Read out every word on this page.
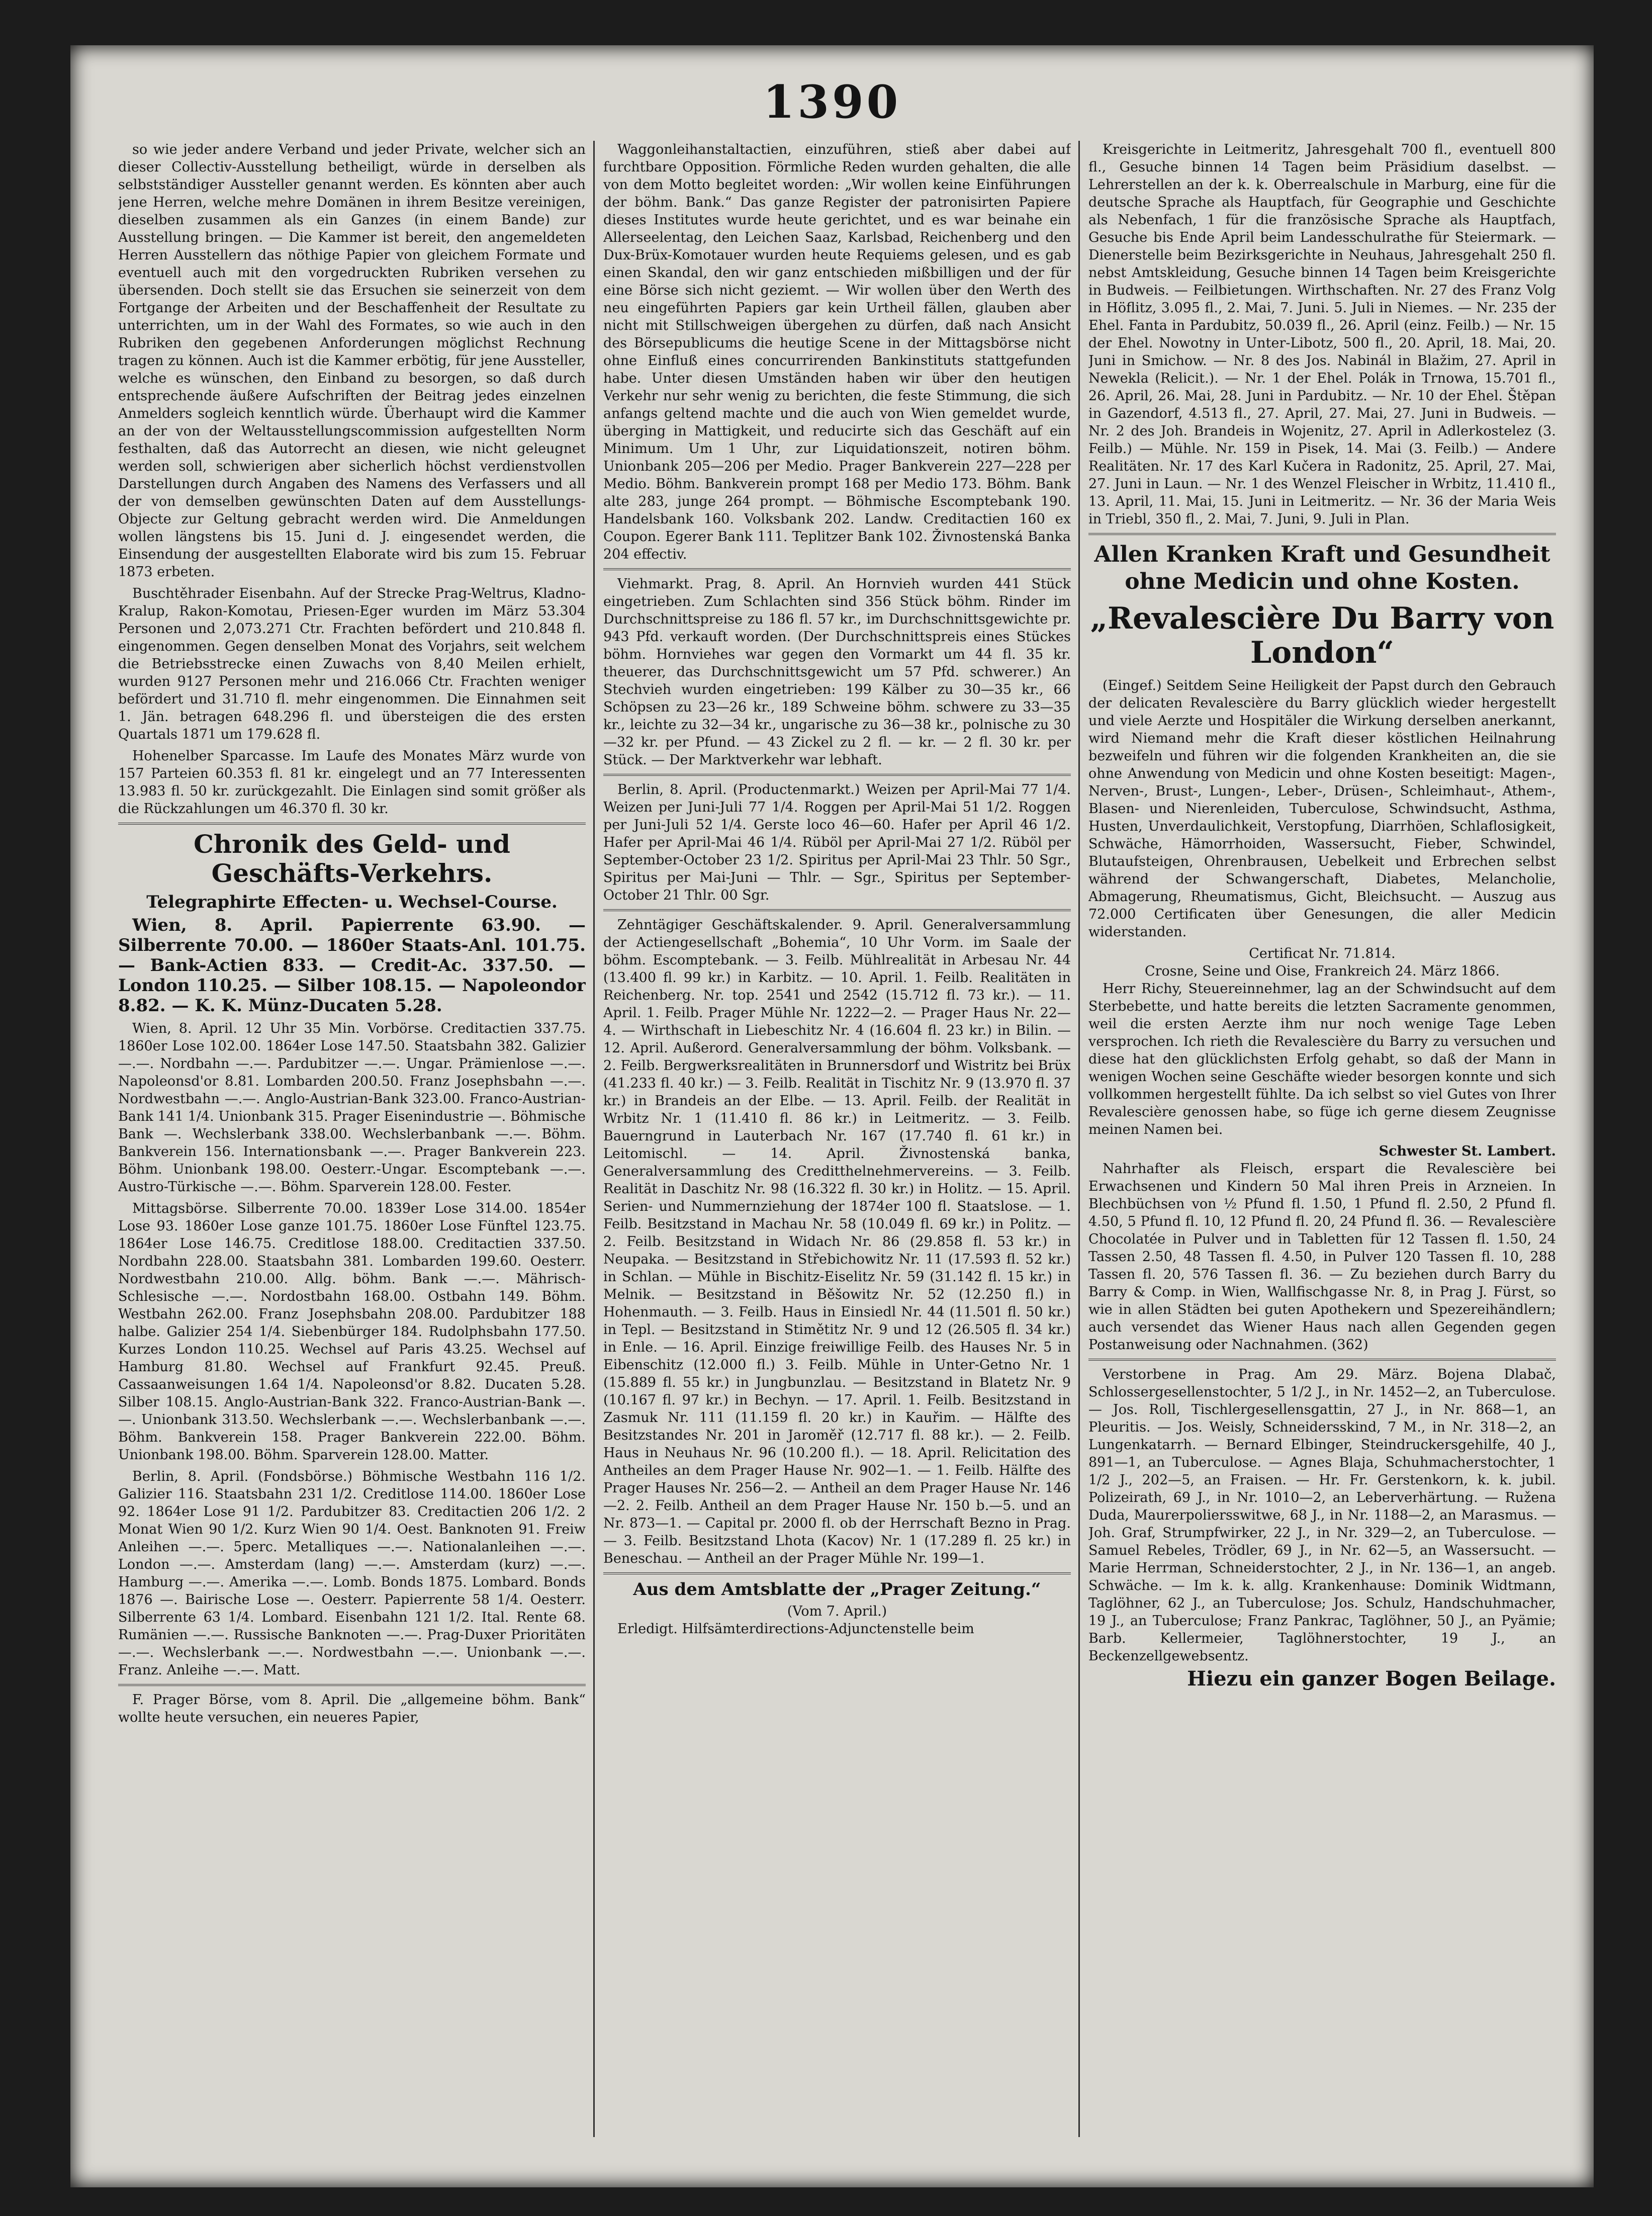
1390

so wie jeder andere Verband und jeder Private, welcher sich an dieser Collectiv-Ausstellung betheiligt, würde in derselben als selbstständiger Aussteller genannt werden. Es könnten aber auch jene Herren, welche mehre Domänen in ihrem Besitze vereinigen, dieselben zusammen als ein Ganzes (in einem Bande) zur Ausstellung bringen. — Die Kammer ist bereit, den angemeldeten Herren Ausstellern das nöthige Papier von gleichem Formate und eventuell auch mit den vorgedruckten Rubriken versehen zu übersenden. Doch stellt sie das Ersuchen sie seinerzeit von dem Fortgange der Arbeiten und der Beschaffenheit der Resultate zu unterrichten, um in der Wahl des Formates, so wie auch in den Rubriken den gegebenen Anforderungen möglichst Rechnung tragen zu können. Auch ist die Kammer erbötig, für jene Aussteller, welche es wünschen, den Einband zu besorgen, so daß durch entsprechende äußere Aufschriften der Beitrag jedes einzelnen Anmelders sogleich kenntlich würde. Überhaupt wird die Kammer an der von der Weltausstellungscommission aufgestellten Norm festhalten, daß das Autorrecht an diesen, wie nicht geleugnet werden soll, schwierigen aber sicherlich höchst verdienstvollen Darstellungen durch Angaben des Namens des Verfassers und all der von demselben gewünschten Daten auf dem Ausstellungs-Objecte zur Geltung gebracht werden wird. Die Anmeldungen wollen längstens bis 15. Juni d. J. eingesendet werden, die Einsendung der ausgestellten Elaborate wird bis zum 15. Februar 1873 erbeten.

Buschtěhrader Eisenbahn. Auf der Strecke Prag-Weltrus, Kladno-Kralup, Rakon-Komotau, Priesen-Eger wurden im März 53.304 Personen und 2,073.271 Ctr. Frachten befördert und 210.848 fl. eingenommen. Gegen denselben Monat des Vorjahrs, seit welchem die Betriebsstrecke einen Zuwachs von 8,40 Meilen erhielt, wurden 9127 Personen mehr und 216.066 Ctr. Frachten weniger befördert und 31.710 fl. mehr eingenommen. Die Einnahmen seit 1. Jän. betragen 648.296 fl. und übersteigen die des ersten Quartals 1871 um 179.628 fl.

Hohenelber Sparcasse. Im Laufe des Monates März wurde von 157 Parteien 60.353 fl. 81 kr. eingelegt und an 77 Interessenten 13.983 fl. 50 kr. zurückgezahlt. Die Einlagen sind somit größer als die Rückzahlungen um 46.370 fl. 30 kr.

Chronik des Geld- und Geschäfts-Verkehrs.
Telegraphirte Effecten- u. Wechsel-Course.

Wien, 8. April. Papierrente 63.90. — Silberrente 70.00. — 1860er Staats-Anl. 101.75. — Bank-Actien 833. — Credit-Ac. 337.50. — London 110.25. — Silber 108.15. — Napoleondor 8.82. — K. K. Münz-Ducaten 5.28.

Wien, 8. April. 12 Uhr 35 Min. Vorbörse. Creditactien 337.75. 1860er Lose 102.00. 1864er Lose 147.50. Staatsbahn 382. Galizier —.—. Nordbahn —.—. Pardubitzer —.—. Ungar. Prämienlose —.—. Napoleonsd'or 8.81. Lombarden 200.50. Franz Josephsbahn —.—. Nordwestbahn —.—. Anglo-Austrian-Bank 323.00. Franco-Austrian-Bank 141 1/4. Unionbank 315. Prager Eisenindustrie —. Böhmische Bank —. Wechslerbank 338.00. Wechslerbanbank —.—. Böhm. Bankverein 156. Internationsbank —.—. Prager Bankverein 223. Böhm. Unionbank 198.00. Oesterr.-Ungar. Escomptebank —.—. Austro-Türkische —.—. Böhm. Sparverein 128.00. Fester.

Mittagsbörse. Silberrente 70.00. 1839er Lose 314.00. 1854er Lose 93. 1860er Lose ganze 101.75. 1860er Lose Fünftel 123.75. 1864er Lose 146.75. Creditlose 188.00. Creditactien 337.50. Nordbahn 228.00. Staatsbahn 381. Lombarden 199.60. Oesterr. Nordwestbahn 210.00. Allg. böhm. Bank —.—. Mährisch-Schlesische —.—. Nordostbahn 168.00. Ostbahn 149. Böhm. Westbahn 262.00. Franz Josephsbahn 208.00. Pardubitzer 188 halbe. Galizier 254 1/4. Siebenbürger 184. Rudolphsbahn 177.50. Kurzes London 110.25. Wechsel auf Paris 43.25. Wechsel auf Hamburg 81.80. Wechsel auf Frankfurt 92.45. Preuß. Cassaanweisungen 1.64 1/4. Napoleonsd'or 8.82. Ducaten 5.28. Silber 108.15. Anglo-Austrian-Bank 322. Franco-Austrian-Bank —.—. Unionbank 313.50. Wechslerbank —.—. Wechslerbanbank —.—. Böhm. Bankverein 158. Prager Bankverein 222.00. Böhm. Unionbank 198.00. Böhm. Sparverein 128.00. Matter.

Berlin, 8. April. (Fondsbörse.) Böhmische Westbahn 116 1/2. Galizier 116. Staatsbahn 231 1/2. Creditlose 114.00. 1860er Lose 92. 1864er Lose 91 1/2. Pardubitzer 83. Creditactien 206 1/2. 2 Monat Wien 90 1/2. Kurz Wien 90 1/4. Oest. Banknoten 91. Freiw Anleihen —.—. 5perc. Metalliques —.—. Nationalanleihen —.—. London —.—. Amsterdam (lang) —.—. Amsterdam (kurz) —.—. Hamburg —.—. Amerika —.—. Lomb. Bonds 1875. Lombard. Bonds 1876 —. Bairische Lose —. Oesterr. Papierrente 58 1/4. Oesterr. Silberrente 63 1/4. Lombard. Eisenbahn 121 1/2. Ital. Rente 68. Rumänien —.—. Russische Banknoten —.—. Prag-Duxer Prioritäten —.—. Wechslerbank —.—. Nordwestbahn —.—. Unionbank —.—. Franz. Anleihe —.—. Matt.

F. Prager Börse, vom 8. April. Die „allgemeine böhm. Bank“ wollte heute versuchen, ein neueres Papier,

Waggonleihanstaltactien, einzuführen, stieß aber dabei auf furchtbare Opposition. Förmliche Reden wurden gehalten, die alle von dem Motto begleitet worden: „Wir wollen keine Einführungen der böhm. Bank.“ Das ganze Register der patronisirten Papiere dieses Institutes wurde heute gerichtet, und es war beinahe ein Allerseelentag, den Leichen Saaz, Karlsbad, Reichenberg und den Dux-Brüx-Komotauer wurden heute Requiems gelesen, und es gab einen Skandal, den wir ganz entschieden mißbilligen und der für eine Börse sich nicht geziemt. — Wir wollen über den Werth des neu eingeführten Papiers gar kein Urtheil fällen, glauben aber nicht mit Stillschweigen übergehen zu dürfen, daß nach Ansicht des Börsepublicums die heutige Scene in der Mittagsbörse nicht ohne Einfluß eines concurrirenden Bankinstituts stattgefunden habe. Unter diesen Umständen haben wir über den heutigen Verkehr nur sehr wenig zu berichten, die feste Stimmung, die sich anfangs geltend machte und die auch von Wien gemeldet wurde, überging in Mattigkeit, und reducirte sich das Geschäft auf ein Minimum. Um 1 Uhr, zur Liquidationszeit, notiren böhm. Unionbank 205—206 per Medio. Prager Bankverein 227—228 per Medio. Böhm. Bankverein prompt 168 per Medio 173. Böhm. Bank alte 283, junge 264 prompt. — Böhmische Escomptebank 190. Handelsbank 160. Volksbank 202. Landw. Creditactien 160 ex Coupon. Egerer Bank 111. Teplitzer Bank 102. Živnostenská Banka 204 effectiv.

Viehmarkt. Prag, 8. April. An Hornvieh wurden 441 Stück eingetrieben. Zum Schlachten sind 356 Stück böhm. Rinder im Durchschnittspreise zu 186 fl. 57 kr., im Durchschnittsgewichte pr. 943 Pfd. verkauft worden. (Der Durchschnittspreis eines Stückes böhm. Hornviehes war gegen den Vormarkt um 44 fl. 35 kr. theuerer, das Durchschnittsgewicht um 57 Pfd. schwerer.) An Stechvieh wurden eingetrieben: 199 Kälber zu 30—35 kr., 66 Schöpsen zu 23—26 kr., 189 Schweine böhm. schwere zu 33—35 kr., leichte zu 32—34 kr., ungarische zu 36—38 kr., polnische zu 30—32 kr. per Pfund. — 43 Zickel zu 2 fl. — kr. — 2 fl. 30 kr. per Stück. — Der Marktverkehr war lebhaft.

Berlin, 8. April. (Productenmarkt.) Weizen per April-Mai 77 1/4. Weizen per Juni-Juli 77 1/4. Roggen per April-Mai 51 1/2. Roggen per Juni-Juli 52 1/4. Gerste loco 46—60. Hafer per April 46 1/2. Hafer per April-Mai 46 1/4. Rüböl per April-Mai 27 1/2. Rüböl per September-October 23 1/2. Spiritus per April-Mai 23 Thlr. 50 Sgr., Spiritus per Mai-Juni — Thlr. — Sgr., Spiritus per September-October 21 Thlr. 00 Sgr.

Zehntägiger Geschäftskalender. 9. April. Generalversammlung der Actiengesellschaft „Bohemia“, 10 Uhr Vorm. im Saale der böhm. Escomptebank. — 3. Feilb. Mühlrealität in Arbesau Nr. 44 (13.400 fl. 99 kr.) in Karbitz. — 10. April. 1. Feilb. Realitäten in Reichenberg. Nr. top. 2541 und 2542 (15.712 fl. 73 kr.). — 11. April. 1. Feilb. Prager Mühle Nr. 1222—2. — Prager Haus Nr. 22—4. — Wirthschaft in Liebeschitz Nr. 4 (16.604 fl. 23 kr.) in Bilin. — 12. April. Außerord. Generalversammlung der böhm. Volksbank. — 2. Feilb. Bergwerksrealitäten in Brunnersdorf und Wistritz bei Brüx (41.233 fl. 40 kr.) — 3. Feilb. Realität in Tischitz Nr. 9 (13.970 fl. 37 kr.) in Brandeis an der Elbe. — 13. April. Feilb. der Realität in Wrbitz Nr. 1 (11.410 fl. 86 kr.) in Leitmeritz. — 3. Feilb. Bauerngrund in Lauterbach Nr. 167 (17.740 fl. 61 kr.) in Leitomischl. — 14. April. Živnostenská banka, Generalversammlung des Creditthelnehmervereins. — 3. Feilb. Realität in Daschitz Nr. 98 (16.322 fl. 30 kr.) in Holitz. — 15. April. Serien- und Nummernziehung der 1874er 100 fl. Staatslose. — 1. Feilb. Besitzstand in Machau Nr. 58 (10.049 fl. 69 kr.) in Politz. — 2. Feilb. Besitzstand in Widach Nr. 86 (29.858 fl. 53 kr.) in Neupaka. — Besitzstand in Střebichowitz Nr. 11 (17.593 fl. 52 kr.) in Schlan. — Mühle in Bischitz-Eiselitz Nr. 59 (31.142 fl. 15 kr.) in Melnik. — Besitzstand in Běšowitz Nr. 52 (12.250 fl.) in Hohenmauth. — 3. Feilb. Haus in Einsiedl Nr. 44 (11.501 fl. 50 kr.) in Tepl. — Besitzstand in Stimětitz Nr. 9 und 12 (26.505 fl. 34 kr.) in Enle. — 16. April. Einzige freiwillige Feilb. des Hauses Nr. 5 in Eibenschitz (12.000 fl.) 3. Feilb. Mühle in Unter-Getno Nr. 1 (15.889 fl. 55 kr.) in Jungbunzlau. — Besitzstand in Blatetz Nr. 9 (10.167 fl. 97 kr.) in Bechyn. — 17. April. 1. Feilb. Besitzstand in Zasmuk Nr. 111 (11.159 fl. 20 kr.) in Kauřim. — Hälfte des Besitzstandes Nr. 201 in Jaroměř (12.717 fl. 88 kr.). — 2. Feilb. Haus in Neuhaus Nr. 96 (10.200 fl.). — 18. April. Relicitation des Antheiles an dem Prager Hause Nr. 902—1. — 1. Feilb. Hälfte des Prager Hauses Nr. 256—2. — Antheil an dem Prager Hause Nr. 146—2. 2. Feilb. Antheil an dem Prager Hause Nr. 150 b.—5. und an Nr. 873—1. — Capital pr. 2000 fl. ob der Herrschaft Bezno in Prag. — 3. Feilb. Besitzstand Lhota (Kacov) Nr. 1 (17.289 fl. 25 kr.) in Beneschau. — Antheil an der Prager Mühle Nr. 199—1.

Aus dem Amtsblatte der „Prager Zeitung.“
(Vom 7. April.)

Erledigt. Hilfsämterdirections-Adjunctenstelle beim

Kreisgerichte in Leitmeritz, Jahresgehalt 700 fl., eventuell 800 fl., Gesuche binnen 14 Tagen beim Präsidium daselbst. — Lehrerstellen an der k. k. Oberrealschule in Marburg, eine für die deutsche Sprache als Hauptfach, für Geographie und Geschichte als Nebenfach, 1 für die französische Sprache als Hauptfach, Gesuche bis Ende April beim Landesschulrathe für Steiermark. — Dienerstelle beim Bezirksgerichte in Neuhaus, Jahresgehalt 250 fl. nebst Amtskleidung, Gesuche binnen 14 Tagen beim Kreisgerichte in Budweis. — Feilbietungen. Wirthschaften. Nr. 27 des Franz Volg in Höflitz, 3.095 fl., 2. Mai, 7. Juni. 5. Juli in Niemes. — Nr. 235 der Ehel. Fanta in Pardubitz, 50.039 fl., 26. April (einz. Feilb.) — Nr. 15 der Ehel. Nowotny in Unter-Libotz, 500 fl., 20. April, 18. Mai, 20. Juni in Smichow. — Nr. 8 des Jos. Nabinál in Blažim, 27. April in Newekla (Relicit.). — Nr. 1 der Ehel. Polák in Trnowa, 15.701 fl., 26. April, 26. Mai, 28. Juni in Pardubitz. — Nr. 10 der Ehel. Štěpan in Gazendorf, 4.513 fl., 27. April, 27. Mai, 27. Juni in Budweis. — Nr. 2 des Joh. Brandeis in Wojenitz, 27. April in Adlerkostelez (3. Feilb.) — Mühle. Nr. 159 in Pisek, 14. Mai (3. Feilb.) — Andere Realitäten. Nr. 17 des Karl Kučera in Radonitz, 25. April, 27. Mai, 27. Juni in Laun. — Nr. 1 des Wenzel Fleischer in Wrbitz, 11.410 fl., 13. April, 11. Mai, 15. Juni in Leitmeritz. — Nr. 36 der Maria Weis in Triebl, 350 fl., 2. Mai, 7. Juni, 9. Juli in Plan.

Allen Kranken Kraft und Gesundheit ohne Medicin und ohne Kosten.
„Revalescière Du Barry von London“

(Eingef.) Seitdem Seine Heiligkeit der Papst durch den Gebrauch der delicaten Revalescière du Barry glücklich wieder hergestellt und viele Aerzte und Hospitäler die Wirkung derselben anerkannt, wird Niemand mehr die Kraft dieser köstlichen Heilnahrung bezweifeln und führen wir die folgenden Krankheiten an, die sie ohne Anwendung von Medicin und ohne Kosten beseitigt: Magen-, Nerven-, Brust-, Lungen-, Leber-, Drüsen-, Schleimhaut-, Athem-, Blasen- und Nierenleiden, Tuberculose, Schwindsucht, Asthma, Husten, Unverdaulichkeit, Verstopfung, Diarrhöen, Schlaflosigkeit, Schwäche, Hämorrhoiden, Wassersucht, Fieber, Schwindel, Blutaufsteigen, Ohrenbrausen, Uebelkeit und Erbrechen selbst während der Schwangerschaft, Diabetes, Melancholie, Abmagerung, Rheumatismus, Gicht, Bleichsucht. — Auszug aus 72.000 Certificaten über Genesungen, die aller Medicin widerstanden.

Certificat Nr. 71.814.
Crosne, Seine und Oise, Frankreich 24. März 1866.

Herr Richy, Steuereinnehmer, lag an der Schwindsucht auf dem Sterbebette, und hatte bereits die letzten Sacramente genommen, weil die ersten Aerzte ihm nur noch wenige Tage Leben versprochen. Ich rieth die Revalescière du Barry zu versuchen und diese hat den glücklichsten Erfolg gehabt, so daß der Mann in wenigen Wochen seine Geschäfte wieder besorgen konnte und sich vollkommen hergestellt fühlte. Da ich selbst so viel Gutes von Ihrer Revalescière genossen habe, so füge ich gerne diesem Zeugnisse meinen Namen bei.

Schwester St. Lambert.

Nahrhafter als Fleisch, erspart die Revalescière bei Erwachsenen und Kindern 50 Mal ihren Preis in Arzneien. In Blechbüchsen von ½ Pfund fl. 1.50, 1 Pfund fl. 2.50, 2 Pfund fl. 4.50, 5 Pfund fl. 10, 12 Pfund fl. 20, 24 Pfund fl. 36. — Revalescière Chocolatée in Pulver und in Tabletten für 12 Tassen fl. 1.50, 24 Tassen 2.50, 48 Tassen fl. 4.50, in Pulver 120 Tassen fl. 10, 288 Tassen fl. 20, 576 Tassen fl. 36. — Zu beziehen durch Barry du Barry & Comp. in Wien, Wallfischgasse Nr. 8, in Prag J. Fürst, so wie in allen Städten bei guten Apothekern und Spezereihändlern; auch versendet das Wiener Haus nach allen Gegenden gegen Postanweisung oder Nachnahmen. (362)

Verstorbene in Prag. Am 29. März. Bojena Dlabač, Schlossergesellenstochter, 5 1/2 J., in Nr. 1452—2, an Tuberculose. — Jos. Roll, Tischlergesellensgattin, 27 J., in Nr. 868—1, an Pleuritis. — Jos. Weisly, Schneidersskind, 7 M., in Nr. 318—2, an Lungenkatarrh. — Bernard Elbinger, Steindruckersgehilfe, 40 J., 891—1, an Tuberculose. — Agnes Blaja, Schuhmacherstochter, 1 1/2 J., 202—5, an Fraisen. — Hr. Fr. Gerstenkorn, k. k. jubil. Polizeirath, 69 J., in Nr. 1010—2, an Leberverhärtung. — Ružena Duda, Maurerpoliersswitwe, 68 J., in Nr. 1188—2, an Marasmus. — Joh. Graf, Strumpfwirker, 22 J., in Nr. 329—2, an Tuberculose. — Samuel Rebeles, Trödler, 69 J., in Nr. 62—5, an Wassersucht. — Marie Herrman, Schneiderstochter, 2 J., in Nr. 136—1, an angeb. Schwäche. — Im k. k. allg. Krankenhause: Dominik Widtmann, Taglöhner, 62 J., an Tuberculose; Jos. Schulz, Handschuhmacher, 19 J., an Tuberculose; Franz Pankrac, Taglöhner, 50 J., an Pyämie; Barb. Kellermeier, Taglöhnerstochter, 19 J., an Beckenzellgewebsentz.

Hiezu ein ganzer Bogen Beilage.
